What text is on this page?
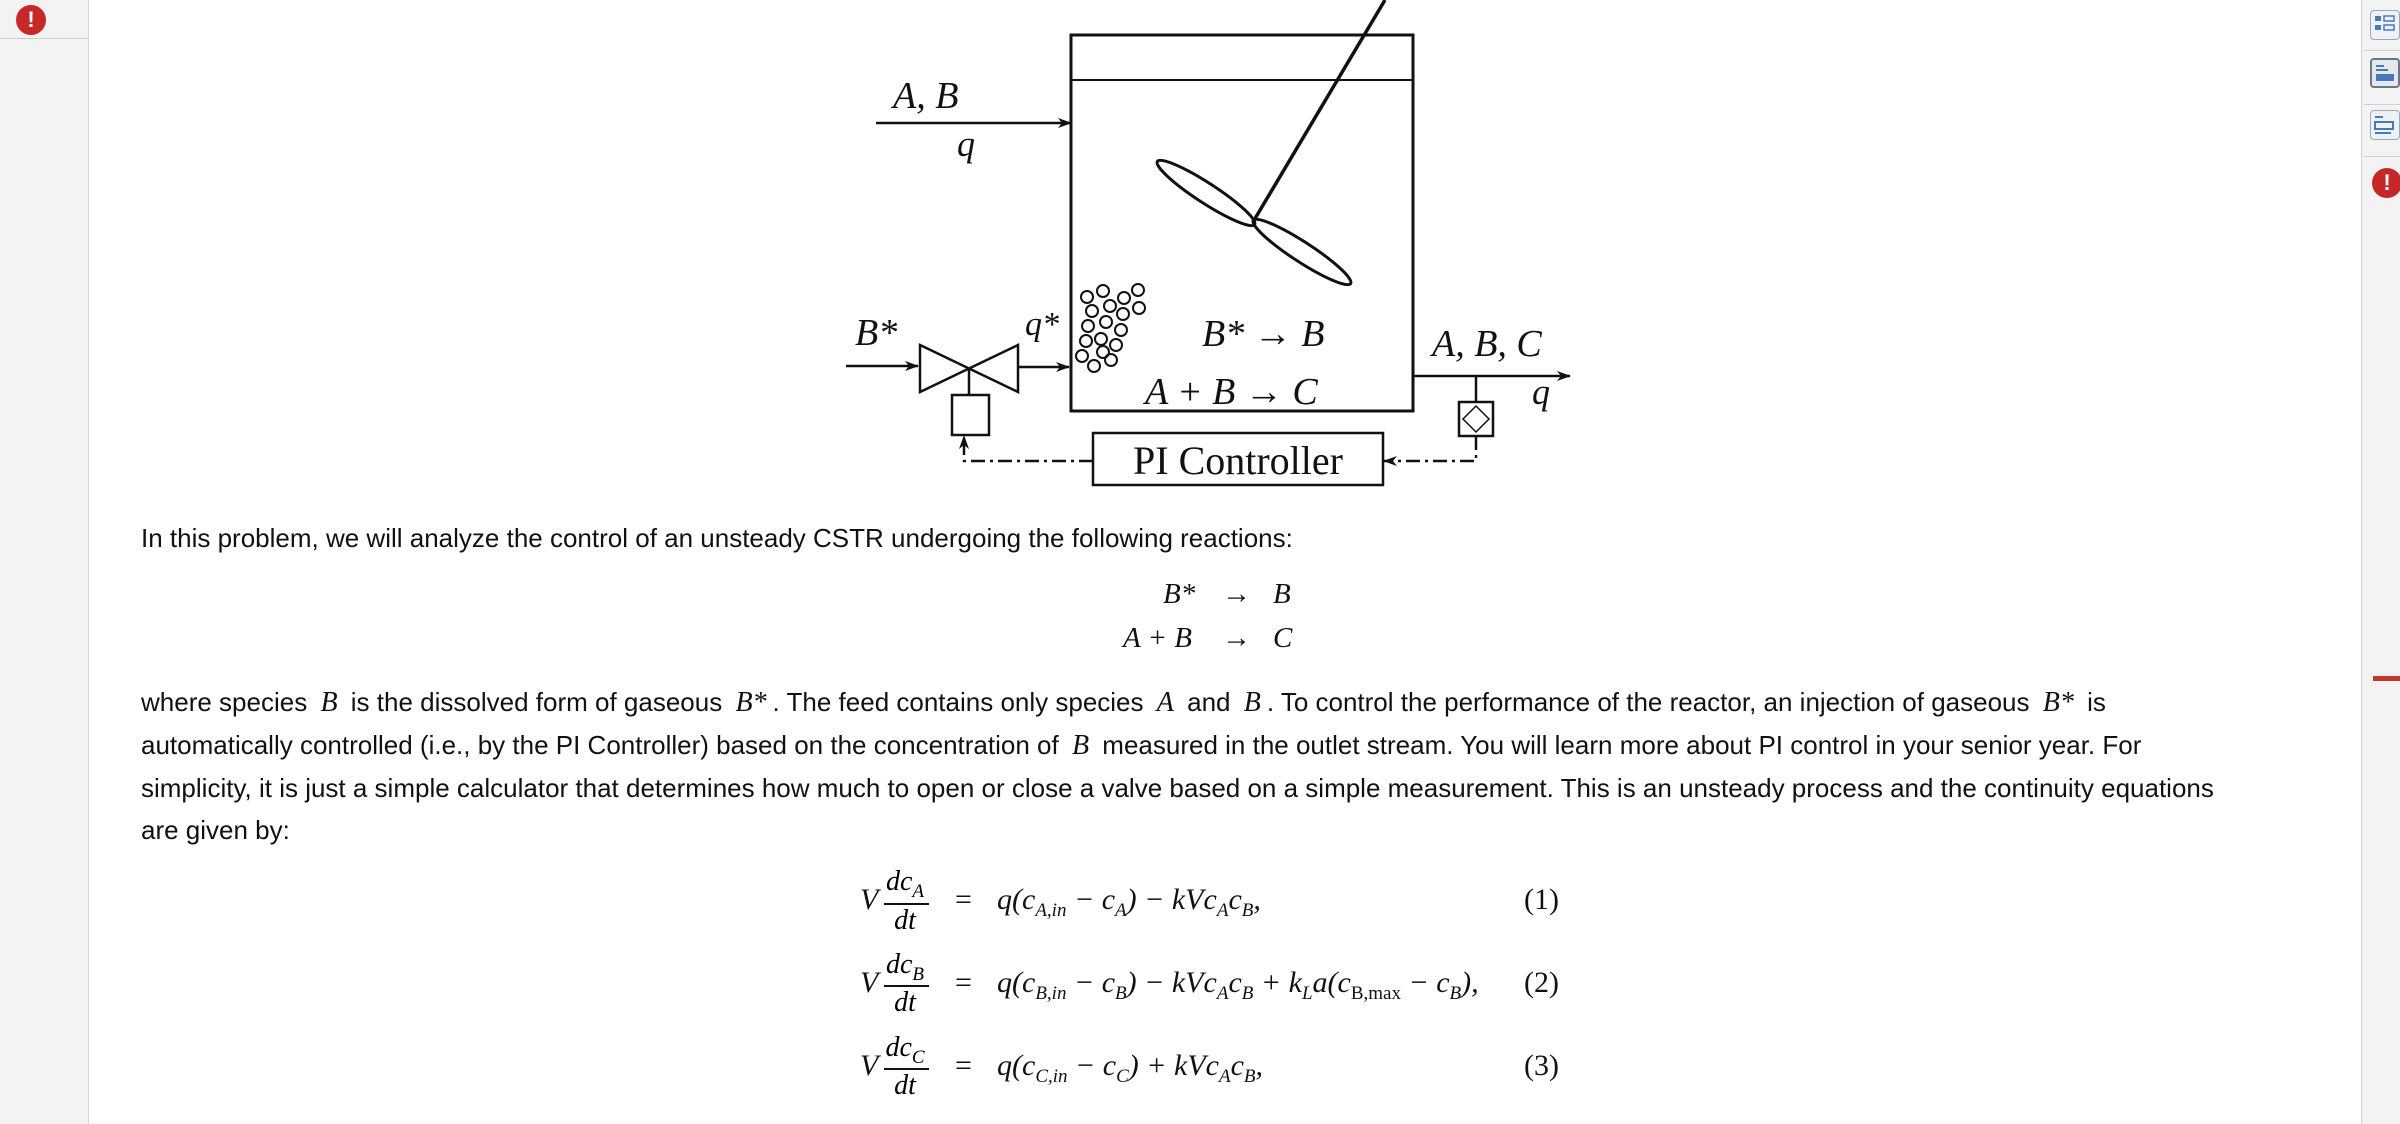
!
A, B
q
B*	q*	B* → B
A + B → C
A, B, C
q
PI Controller
In this problem, we will analyze the control of an unsteady CSTR undergoing the following reactions:
B* → B
A + B → C
where species B is the dissolved form of gaseous B* . The feed contains only species A and B . To control the performance of the reactor, an injection of gaseous B* is automatically controlled (i.e., by the PI Controller) based on the concentration of B measured in the outlet stream. You will learn more about PI control in your senior year. For simplicity, it is just a simple calculator that determines how much to open or close a valve based on a simple measurement. This is an unsteady process and the continuity equations are given by:
V
$dc_A$
dt
= $q(c_{A,in} - c_A) - kVc_Ac_B$,	(1)
V
$dc_B$
dt
= $q(c_{B,in} - c_B) - kVc_Ac_B + k_La(c_{B,max} - c_B)$, (2)
V
$dc_C$
dt
= $q(c_{C,in} - c_C) + kVc_Ac_B$,	(3)
!
